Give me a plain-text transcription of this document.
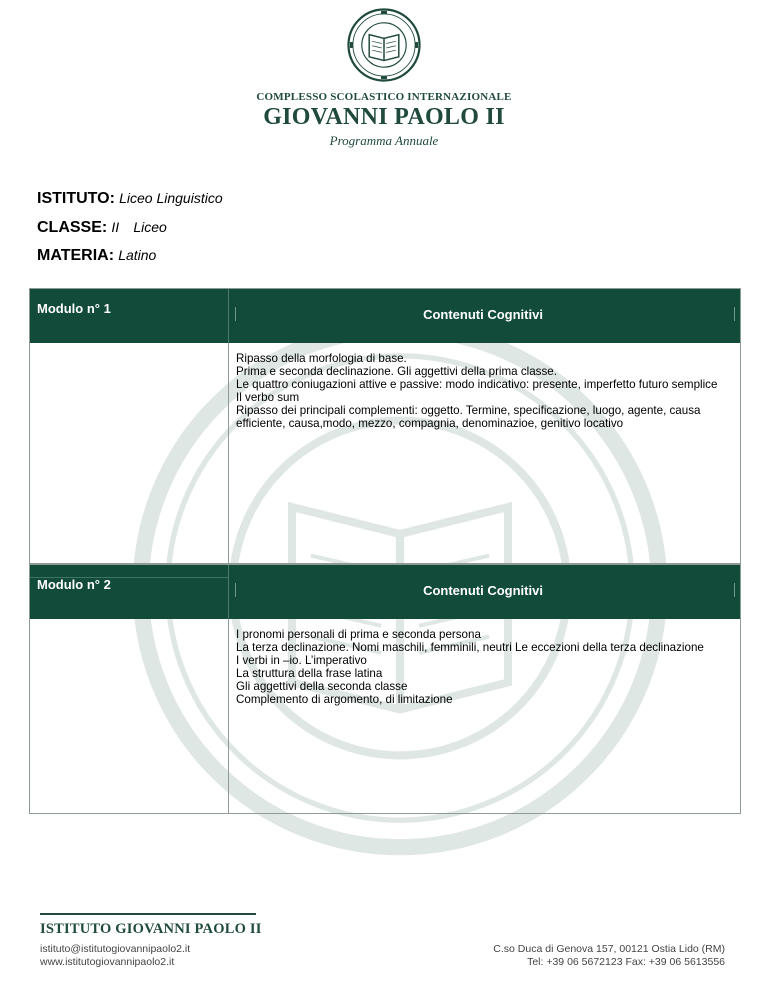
COMPLESSO SCOLASTICO INTERNAZIONALE
GIOVANNI PAOLO II
Programma Annuale
ISTITUTO: Liceo Linguistico
CLASSE: II Liceo
MATERIA: Latino
Modulo n° 1	Contenuti Cognitivi
Ripasso della morfologia di base.
Prima e seconda declinazione. Gli aggettivi della prima classe.
Le quattro coniugazioni attive e passive: modo indicativo: presente, imperfetto futuro semplice
Il verbo sum
Ripasso dei principali complementi: oggetto. Termine, specificazione, luogo, agente, causa efficiente, causa,modo, mezzo, compagnia, denominazioe, genitivo locativo
Modulo n° 2	Contenuti Cognitivi
I pronomi personali di prima e seconda persona
La terza declinazione. Nomi maschili, femminili, neutri Le eccezioni della terza declinazione
I verbi in –io. L’imperativo
La struttura della frase latina
Gli aggettivi della seconda classe
Complemento di argomento, di limitazione
ISTITUTO GIOVANNI PAOLO II
istituto@istitutogiovannipaolo2.it
www.istitutogiovannipaolo2.it
C.so Duca di Genova 157, 00121 Ostia Lido (RM)
Tel: +39 06 5672123 Fax: +39 06 5613556
